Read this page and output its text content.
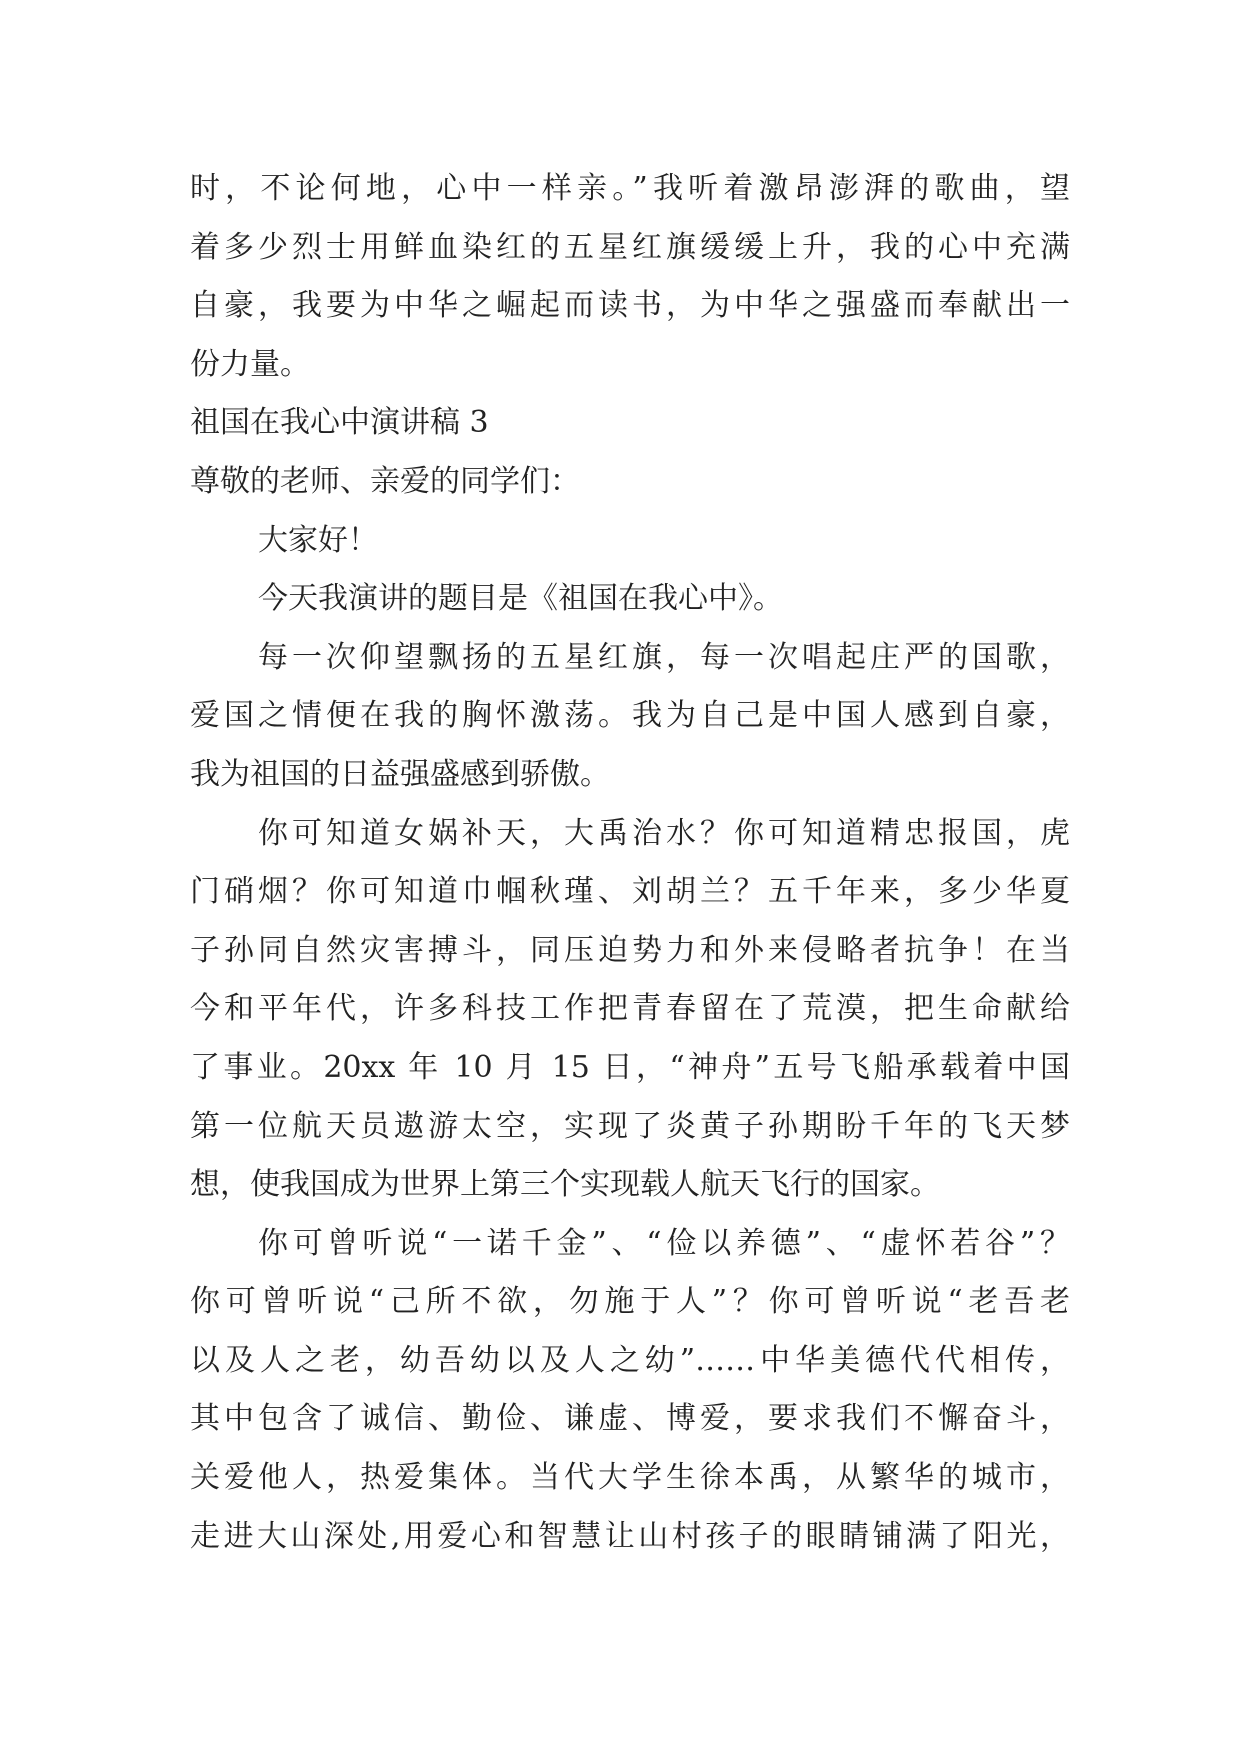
时，不论何地，心中一样亲。”我听着激昂澎湃的歌曲，望
着多少烈士用鲜血染红的五星红旗缓缓上升，我的心中充满
自豪，我要为中华之崛起而读书，为中华之强盛而奉献出一
份力量。
祖国在我心中演讲稿 3
尊敬的老师、亲爱的同学们：
大家好！
今天我演讲的题目是《祖国在我心中》。
每一次仰望飘扬的五星红旗，每一次唱起庄严的国歌，
爱国之情便在我的胸怀激荡。我为自己是中国人感到自豪，
我为祖国的日益强盛感到骄傲。
你可知道女娲补天，大禹治水？你可知道精忠报国，虎
门硝烟？你可知道巾帼秋瑾、刘胡兰？五千年来，多少华夏
子孙同自然灾害搏斗，同压迫势力和外来侵略者抗争！在当
今和平年代，许多科技工作把青春留在了荒漠，把生命献给
了事业。20xx 年 10 月 15 日，“神舟”五号飞船承载着中国
第一位航天员遨游太空，实现了炎黄子孙期盼千年的飞天梦
想，使我国成为世界上第三个实现载人航天飞行的国家。
你可曾听说“一诺千金”、“俭以养德”、“虚怀若谷”？
你可曾听说“己所不欲，勿施于人”？你可曾听说“老吾老
以及人之老，幼吾幼以及人之幼”……中华美德代代相传，
其中包含了诚信、勤俭、谦虚、博爱，要求我们不懈奋斗，
关爱他人，热爱集体。当代大学生徐本禹，从繁华的城市，
走进大山深处,用爱心和智慧让山村孩子的眼睛铺满了阳光，
